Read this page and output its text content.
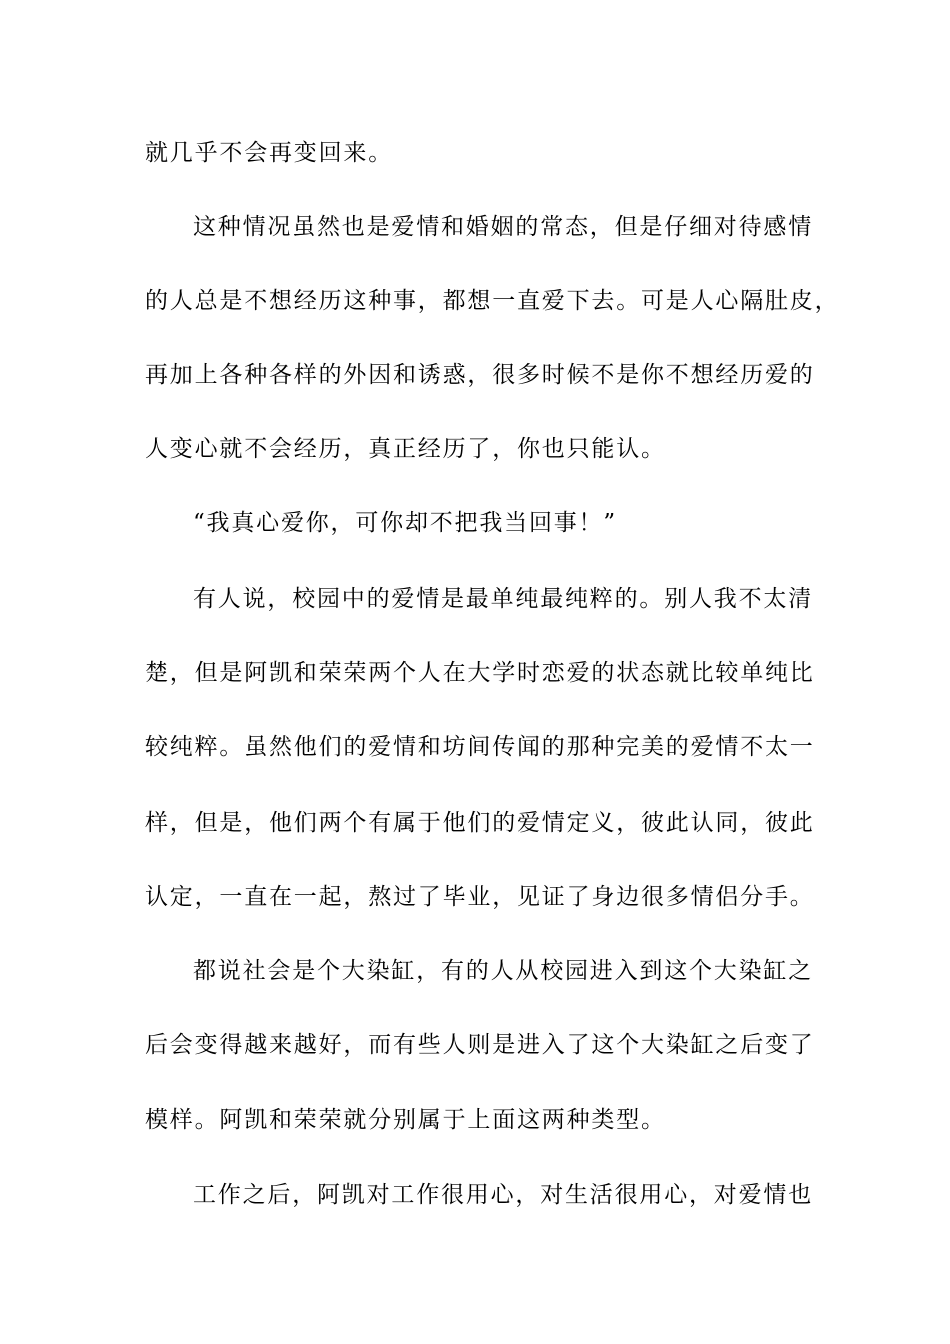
就几乎不会再变回来。
这种情况虽然也是爱情和婚姻的常态，但是仔细对待感情
的人总是不想经历这种事，都想一直爱下去。可是人心隔肚皮，
再加上各种各样的外因和诱惑，很多时候不是你不想经历爱的
人变心就不会经历，真正经历了，你也只能认。
“我真心爱你，可你却不把我当回事！”
有人说，校园中的爱情是最单纯最纯粹的。别人我不太清
楚，但是阿凯和荣荣两个人在大学时恋爱的状态就比较单纯比
较纯粹。虽然他们的爱情和坊间传闻的那种完美的爱情不太一
样，但是，他们两个有属于他们的爱情定义，彼此认同，彼此
认定，一直在一起，熬过了毕业，见证了身边很多情侣分手。
都说社会是个大染缸，有的人从校园进入到这个大染缸之
后会变得越来越好，而有些人则是进入了这个大染缸之后变了
模样。阿凯和荣荣就分别属于上面这两种类型。
工作之后，阿凯对工作很用心，对生活很用心，对爱情也
